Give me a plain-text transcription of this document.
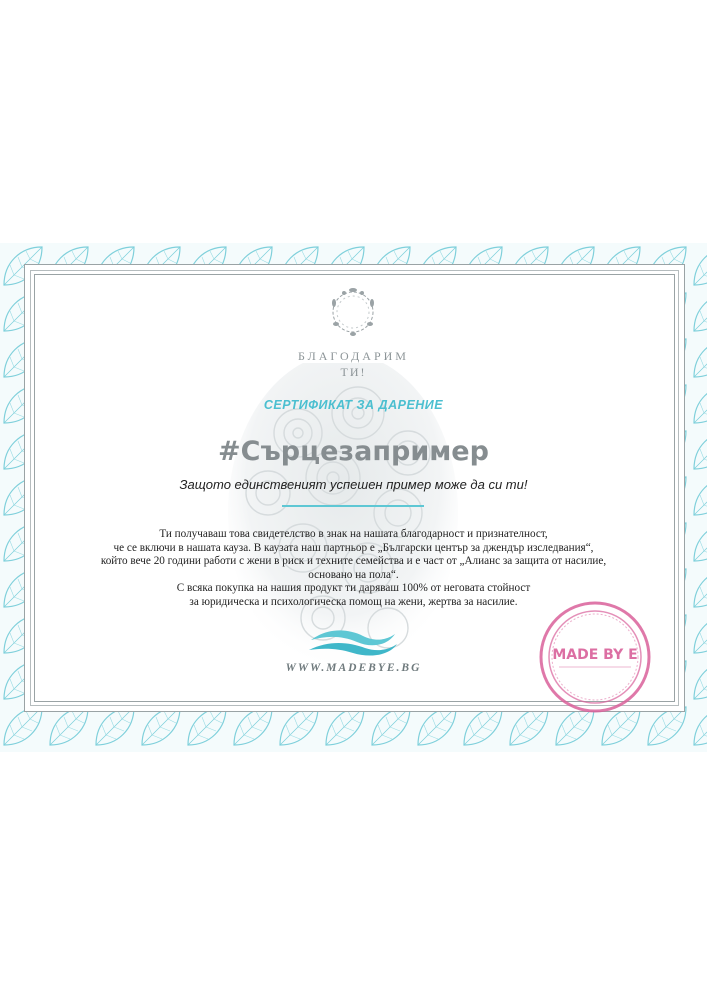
БЛАГОДАРИМ
ТИ!
СЕРТИФИКАТ ЗА ДАРЕНИЕ
#Сърцезапример
Защото единственият успешен пример може да си ти!
Ти получаваш това свидетелство в знак на нашата благодарност и признателност,
че се включи в нашата кауза. В каузата наш партньор е „Български център за джендър изследвания“,
който вече 20 години работи с жени в риск и техните семейства и е част от „Алианс за защита от насилие,
основано на пола“.
С всяка покупка на нашия продукт ти даряваш 100% от неговата стойност
за юридическа и психологическа помощ на жени, жертва за насилие.
WWW.MADEBYE.BG
MADE BY E
